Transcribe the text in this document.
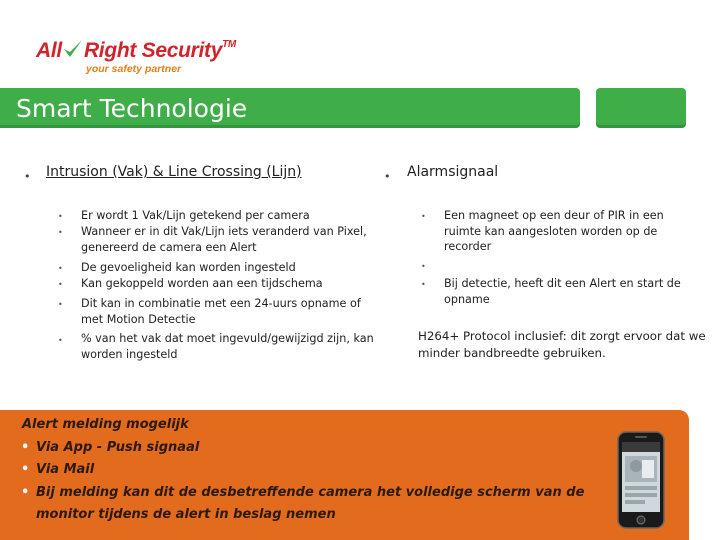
All Right Security™
your safety partner
Smart Technologie
• Intrusion (Vak) & Line Crossing (Lijn)
• Er wordt 1 Vak/Lijn getekend per camera
• Wanneer er in dit Vak/Lijn iets veranderd van Pixel, genereerd de camera een Alert
• De gevoeligheid kan worden ingesteld
• Kan gekoppeld worden aan een tijdschema
• Dit kan in combinatie met een 24-uurs opname of met Motion Detectie
• % van het vak dat moet ingevuld/gewijzigd zijn, kan worden ingesteld
• Alarmsignaal
• Een magneet op een deur of PIR in een ruimte kan aangesloten worden op de recorder
•
• Bij detectie, heeft dit een Alert en start de opname
H264+ Protocol inclusief: dit zorgt ervoor dat we minder bandbreedte gebruiken.
Alert melding mogelijk
• Via App - Push signaal
• Via Mail
• Bij melding kan dit de desbetreffende camera het volledige scherm van de
monitor tijdens de alert in beslag nemen
